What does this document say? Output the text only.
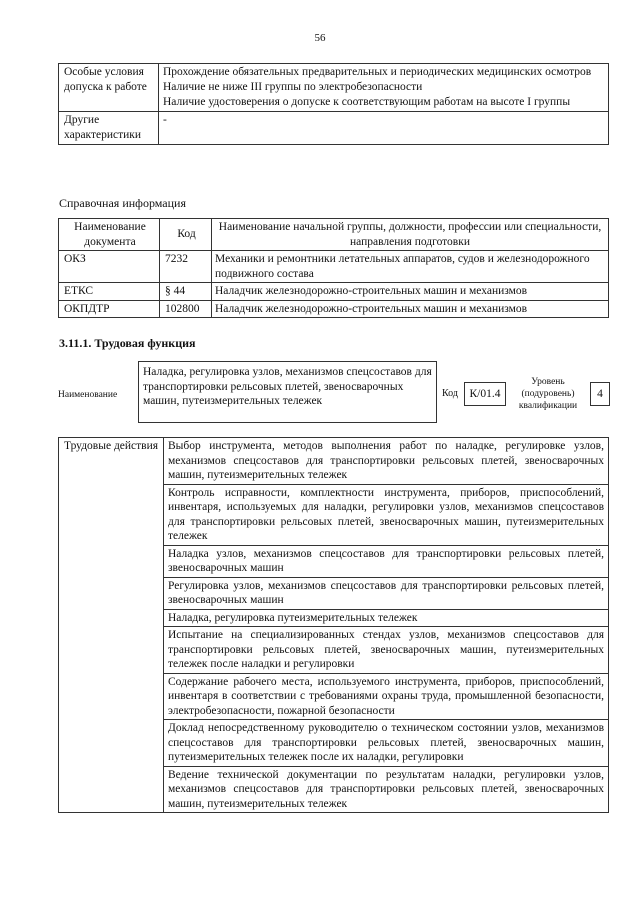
56
Особые условия допуска к работе	Прохождение обязательных предварительных и периодических медицинских осмотров
Наличие не ниже III группы по электробезопасности
Наличие удостоверения о допуске к соответствующим работам на высоте I группы

Другие характеристики	-
Справочная информация
Наименование документа	Код	Наименование начальной группы, должности, профессии или специальности, направления подготовки
ОКЗ	7232	Механики и ремонтники летательных аппаратов, судов и железнодорожного подвижного состава
ЕТКС	§ 44	Наладчик железнодорожно-строительных машин и механизмов
ОКПДТР	102800	Наладчик железнодорожно-строительных машин и механизмов
3.11.1. Трудовая функция
Наименование
Наладка, регулировка узлов, механизмов спецсоставов для транспортировки рельсовых плетей, звеносварочных машин, путеизмерительных тележек
Код	К/01.4
Уровень (подуровень) квалификации
4
Трудовые действия	Выбор инструмента, методов выполнения работ по наладке, регулировке узлов, механизмов спецсоставов для транспортировки рельсовых плетей, звеносварочных машин, путеизмерительных тележек
Контроль исправности, комплектности инструмента, приборов, приспособлений, инвентаря, используемых для наладки, регулировки узлов, механизмов спецсоставов для транспортировки рельсовых плетей, звеносварочных машин, путеизмерительных тележек
Наладка узлов, механизмов спецсоставов для транспортировки рельсовых плетей, звеносварочных машин
Регулировка узлов, механизмов спецсоставов для транспортировки рельсовых плетей, звеносварочных машин
Наладка, регулировка путеизмерительных тележек
Испытание на специализированных стендах узлов, механизмов спецсоставов для транспортировки рельсовых плетей, звеносварочных машин, путеизмерительных тележек после наладки и регулировки
Содержание рабочего места, используемого инструмента, приборов, приспособлений, инвентаря в соответствии с требованиями охраны труда, промышленной безопасности, электробезопасности, пожарной безопасности
Доклад непосредственному руководителю о техническом состоянии узлов, механизмов спецсоставов для транспортировки рельсовых плетей, звеносварочных машин, путеизмерительных тележек после их наладки, регулировки
Ведение технической документации по результатам наладки, регулировки узлов, механизмов спецсоставов для транспортировки рельсовых плетей, звеносварочных машин, путеизмерительных тележек
